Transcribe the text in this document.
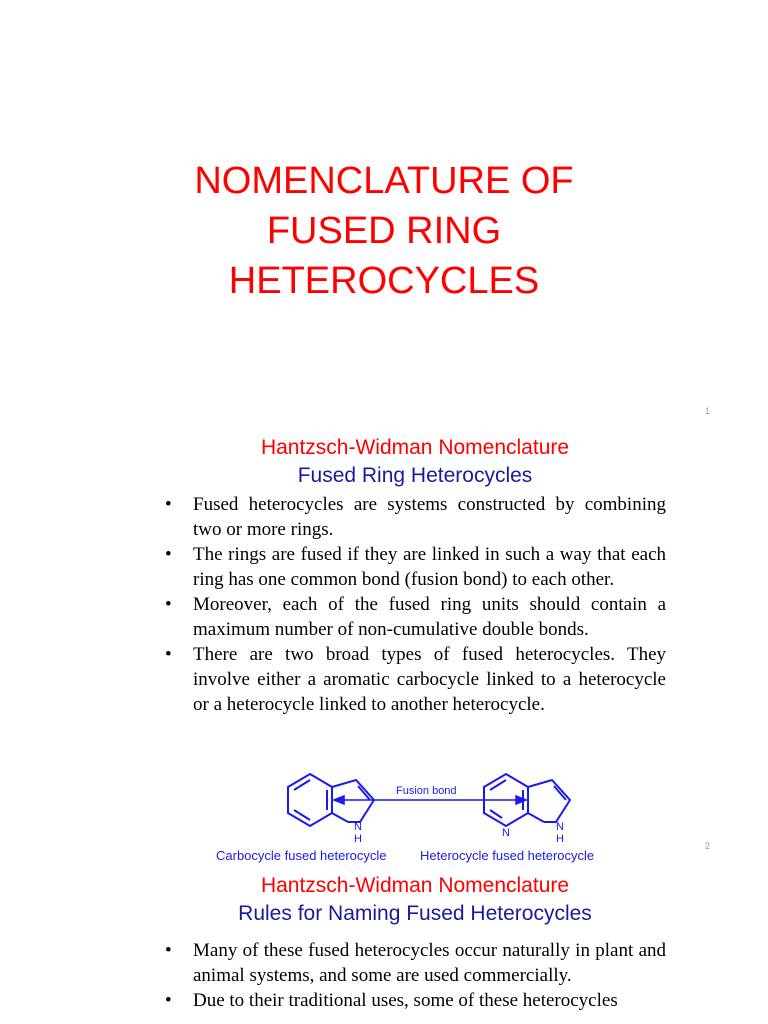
NOMENCLATURE OF
FUSED RING
HETEROCYCLES
1
Hantzsch-Widman Nomenclature
Fused Ring Heterocycles
• Fused heterocycles are systems constructed by combining two or more rings.
• The rings are fused if they are linked in such a way that each ring has one common bond (fusion bond) to each other.
• Moreover, each of the fused ring units should contain a maximum number of non-cumulative double bonds.
• There are two broad types of fused heterocycles. They involve either a aromatic carbocycle linked to a heterocycle or a heterocycle linked to another heterocycle.
Fusion bond
N
H	N	N
H
Carbocycle fused heterocycle	Heterocycle fused heterocycle
2
Hantzsch-Widman Nomenclature
Rules for Naming Fused Heterocycles
• Many of these fused heterocycles occur naturally in plant and animal systems, and some are used commercially.
• Due to their traditional uses, some of these heterocycles
